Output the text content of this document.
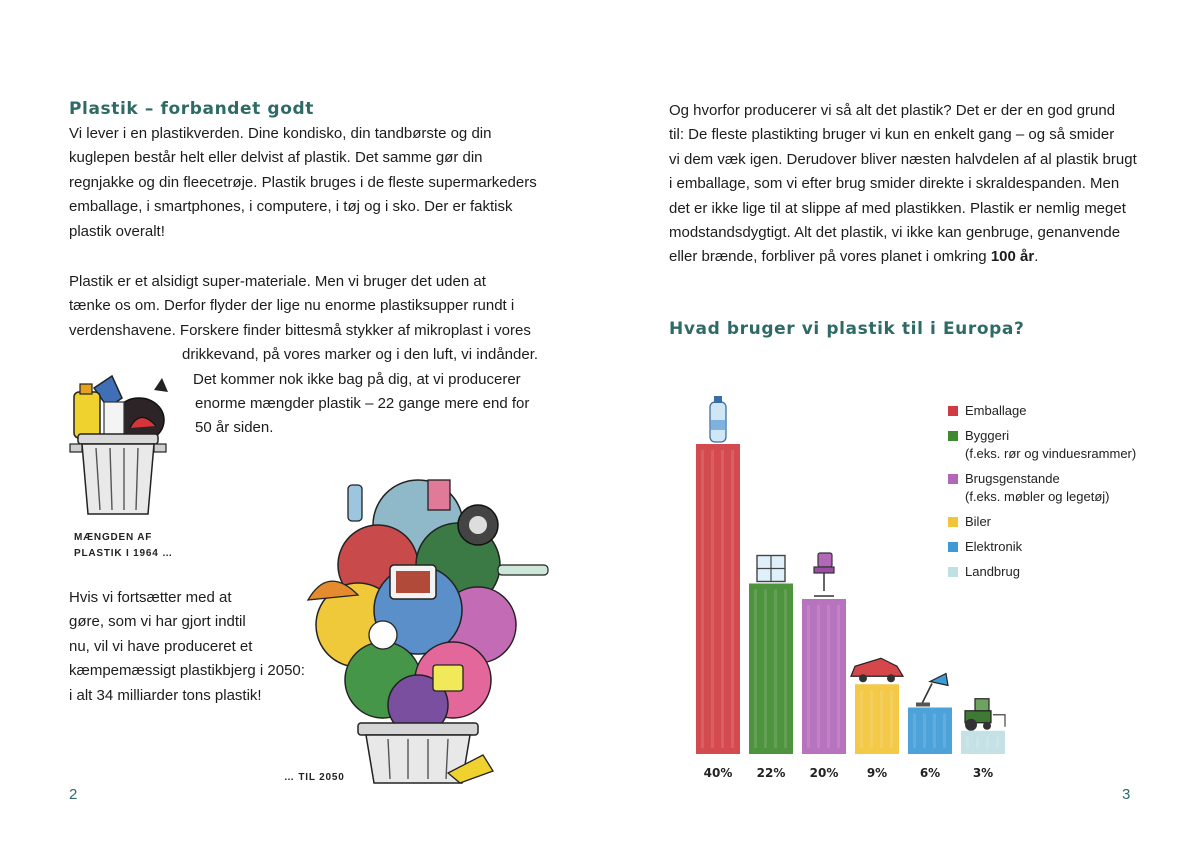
Plastik – forbandet godt
Vi lever i en plastikverden. Dine kondisko, din tandbørste og din
kuglepen består helt eller delvist af plastik. Det samme gør din
regnjakke og din fleecetrøje. Plastik bruges i de fleste supermarkeders
emballage, i smartphones, i computere, i tøj og i sko. Der er faktisk
plastik overalt!
Plastik er et alsidigt super-materiale. Men vi bruger det uden at
tænke os om. Derfor flyder der lige nu enorme plastiksupper rundt i
verdenshavene. Forskere finder bittesmå stykker af mikroplast i vores
drikkevand, på vores marker og i den luft, vi indånder.
Det kommer nok ikke bag på dig, at vi producerer
enorme mængder plastik – 22 gange mere end for
50 år siden.
Hvis vi fortsætter med at
gøre, som vi har gjort indtil
nu, vil vi have produceret et
kæmpemæssigt plastikbjerg i 2050:
i alt 34 milliarder tons plastik!
MÆNGDEN AF
PLASTIK I 1964 …
… TIL 2050
2
Og hvorfor producerer vi så alt det plastik? Det er der en god grund
til: De fleste plastikting bruger vi kun en enkelt gang – og så smider
vi dem væk igen. Derudover bliver næsten halvdelen af al plastik brugt
i emballage, som vi efter brug smider direkte i skraldespanden. Men
det er ikke lige til at slippe af med plastikken. Plastik er nemlig meget
modstandsdygtigt. Alt det plastik, vi ikke kan genbruge, genanvende
eller brænde, forbliver på vores planet i omkring 100 år.
Hvad bruger vi plastik til i Europa?
40% 22% 20% 9%	6%	3%
Emballage
Byggeri
(f.eks. rør og vinduesrammer)
Brugsgenstande
(f.eks. møbler og legetøj)
Biler
Elektronik
Landbrug
3
